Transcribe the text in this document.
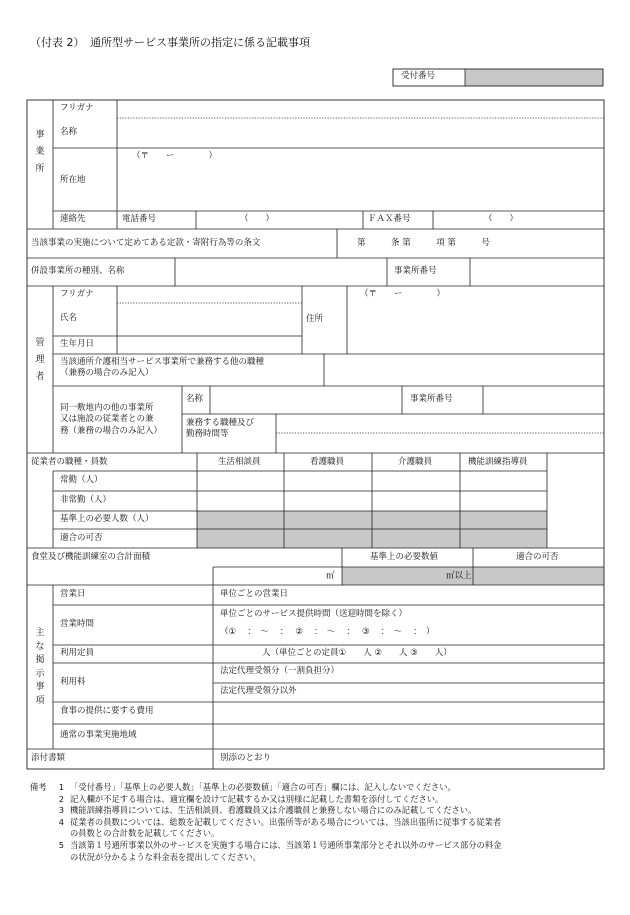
（付表 2）　通所型サービス事業所の指定に係る記載事項
受付番号
事業所
フリガナ
名称
（〒　　ー　　　　）
所在地
連絡先	電話番号	（　　）	ＦＡＸ番号	（　　）
当該事業の実施について定めてある定款・寄附行為等の条文	第　　　条 第　　　項 第　　　号
併設事業所の種別、名称	事業所番号
管理者
フリガナ
氏名	住所
（〒　　ー　　　　）
生年月日
当該通所介護相当サービス事業所で兼務する他の職種
（兼務の場合のみ記入）
同一敷地内の他の事業所
又は施設の従業者との兼
務（兼務の場合のみ記入）
名称	事業所番号
兼務する職種及び
勤務時間等
従業者の職種・員数	生活相談員	看護職員	介護職員	機能訓練指導員
常勤（人）
非常勤（人）
基準上の必要人数（人）
適合の可否
食堂及び機能訓練室の合計面積	基準上の必要数値	適合の可否
㎡	㎡以上
主な掲示事項
営業日	単位ごとの営業日
営業時間
単位ごとのサービス提供時間（送迎時間を除く）
（①　 ：　～　 ：　 ②　 ：　～　 ：　 ③　 ：　～　 ：　）
利用定員	人（単位ごとの定員①　　人 ②　　人 ③　　人）
利用料
法定代理受領分（一割負担分）
法定代理受領分以外
食事の提供に要する費用
通常の事業実施地域
添付書類	別添のとおり
備考	1 「受付番号」「基準上の必要人数」「基準上の必要数値」「適合の可否」欄には、記入しないでください。
2 記入欄が不足する場合は、適宜欄を設けて記載するか又は別様に記載した書類を添付してください。
3 機能訓練指導員については、生活相談員、看護職員又は介護職員と兼務しない場合にのみ記載してください。
4 従業者の員数については、総数を記載してください。出張所等がある場合については、当該出張所に従事する従業者
の員数との合計数を記載してください。
5 当該第１号通所事業以外のサービスを実施する場合には、当該第１号通所事業部分とそれ以外のサービス部分の料金
の状況が分かるような料金表を提出してください。
